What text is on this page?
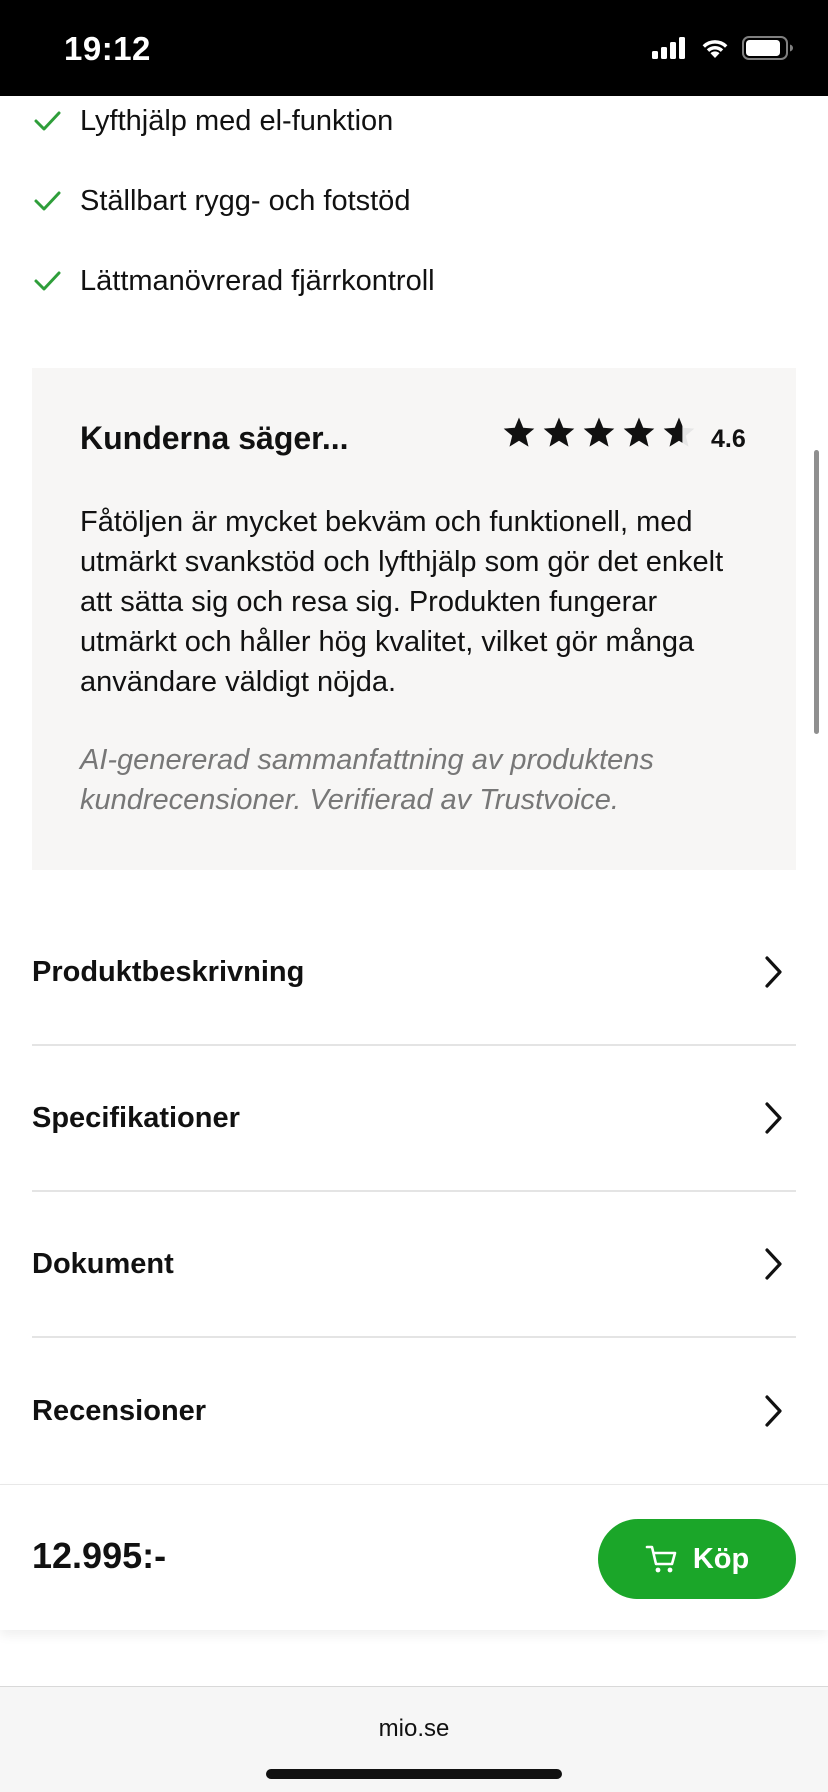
19:12
Lyfthjälp med el-funktion
Ställbart rygg- och fotstöd
Lättmanövrerad fjärrkontroll
Kunderna säger...	4.6

Fåtöljen är mycket bekväm och funktionell, med utmärkt svankstöd och lyfthjälp som gör det enkelt att sätta sig och resa sig. Produkten fungerar utmärkt och håller hög kvalitet, vilket gör många användare väldigt nöjda.

AI-genererad sammanfattning av produktens kundrecensioner. Verifierad av Trustvoice.

Produktbeskrivning
Specifikationer
Dokument
Recensioner
12.995:-	Köp
mio.se
